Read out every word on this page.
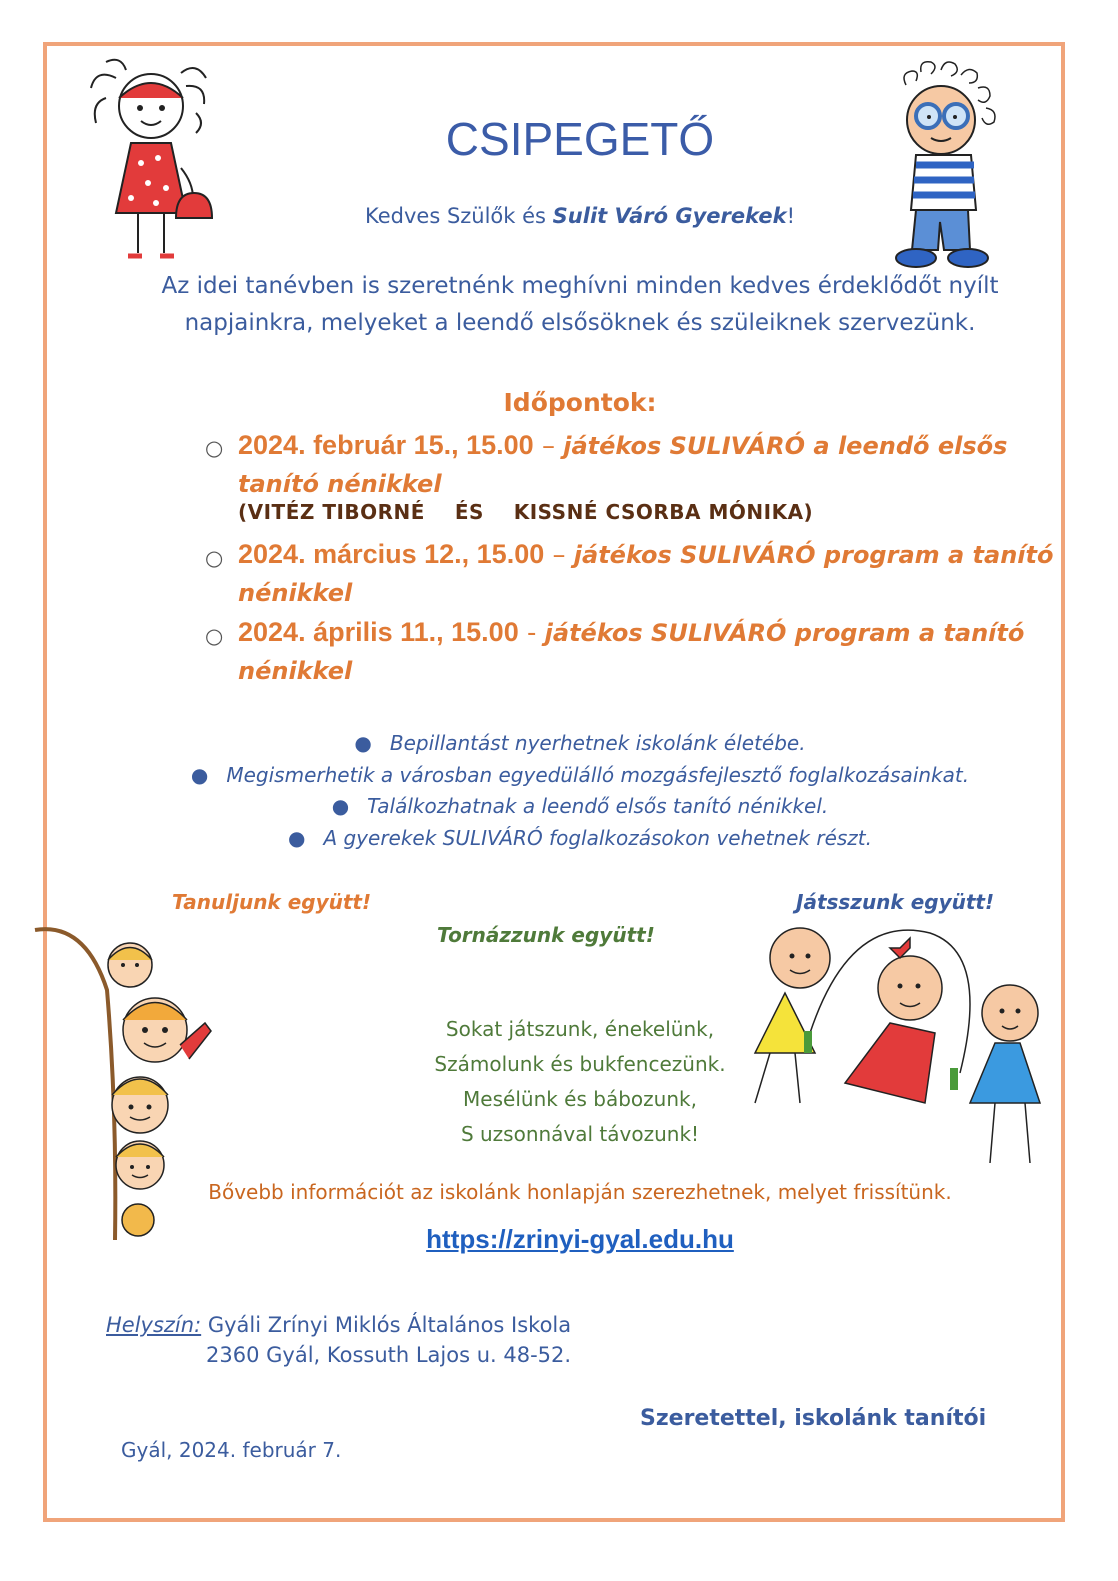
CSIPEGETŐ
Kedves Szülők és Sulit Váró Gyerekek!
Az idei tanévben is szeretnénk meghívni minden kedves érdeklődőt nyílt napjainkra, melyeket a leendő elsősöknek és szüleiknek szervezünk.
Időpontok:
○ 2024. február 15., 15.00 – játékos SULIVÁRÓ a leendő elsős tanító nénikkel
(VITÉZ TIBORNÉ    ÉS    KISSNÉ CSORBA MÓNIKA)
○ 2024. március 12., 15.00 – játékos SULIVÁRÓ program a tanító nénikkel
○ 2024. április 11., 15.00 - játékos SULIVÁRÓ program a tanító nénikkel
● Bepillantást nyerhetnek iskolánk életébe.
● Megismerhetik a városban egyedülálló mozgásfejlesztő foglalkozásainkat.
● Találkozhatnak a leendő elsős tanító nénikkel.
● A gyerekek SULIVÁRÓ foglalkozásokon vehetnek részt.
Tanuljunk együtt!	Játsszunk együtt!
Tornázzunk együtt!
Sokat játszunk, énekelünk,
Számolunk és bukfencezünk.
Mesélünk és bábozunk,
S uzsonnával távozunk!
Bővebb információt az iskolánk honlapján szerezhetnek, melyet frissítünk.
https://zrinyi-gyal.edu.hu
Helyszín: Gyáli Zrínyi Miklós Általános Iskola
2360 Gyál, Kossuth Lajos u. 48-52.
Szeretettel, iskolánk tanítói
Gyál, 2024. február 7.
